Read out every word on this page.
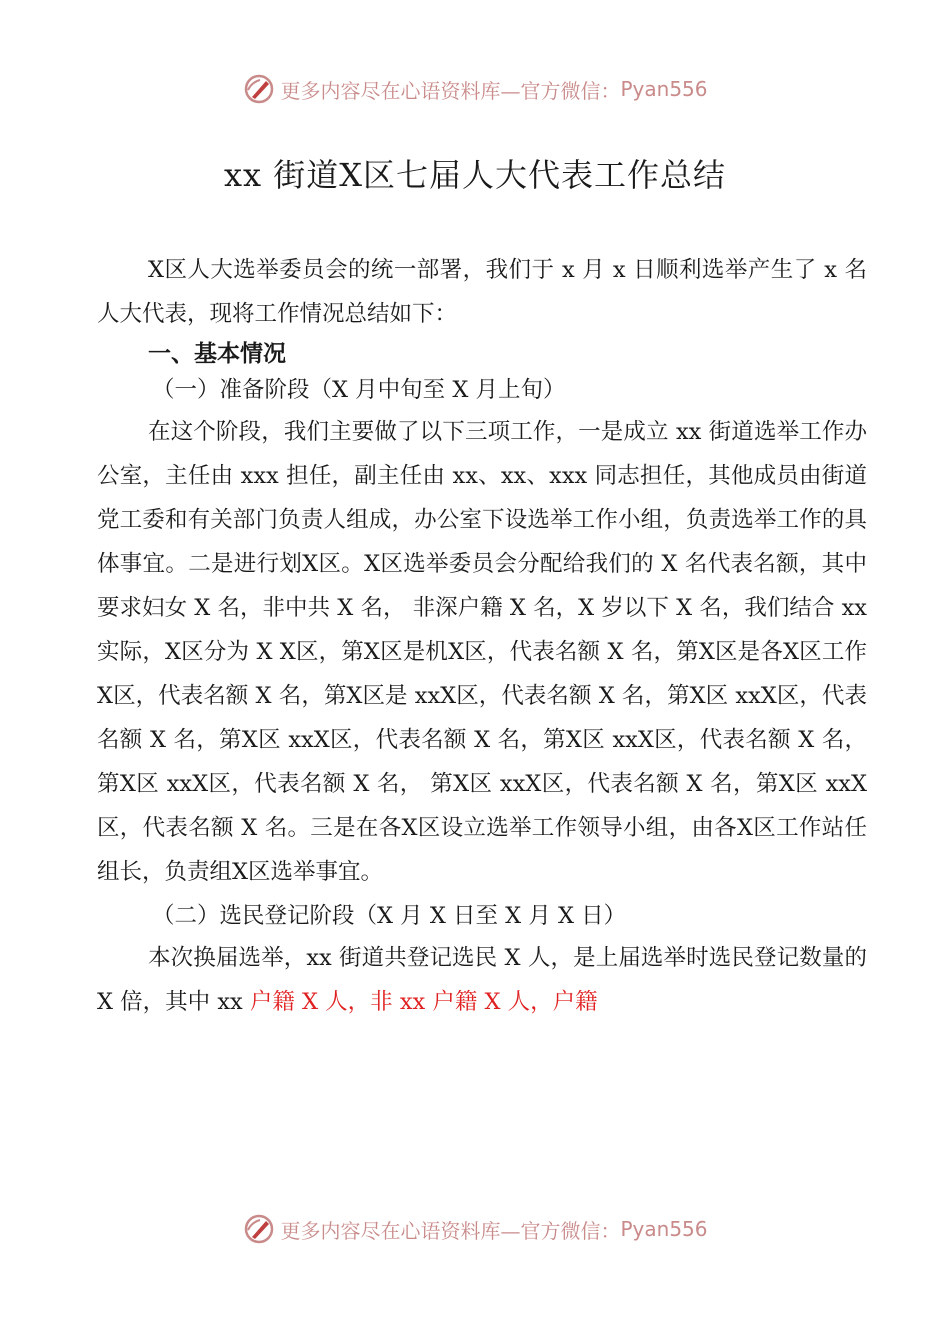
更多内容尽在心语资料库—官方微信： Pyan556
xx 街道X区七届人大代表工作总结

X区人大选举委员会的统一部署，我们于 x 月 x 日顺利选举产生了 x 名人大代表，现将工作情况总结如下：

一、基本情况
（一）准备阶段（X 月中旬至 X 月上旬）

在这个阶段，我们主要做了以下三项工作，一是成立 xx 街道选举工作办公室，主任由 xxx 担任，副主任由 xx、xx、xxx 同志担任，其他成员由街道党工委和有关部门负责人组成，办公室下设选举工作小组，负责选举工作的具体事宜。二是进行划X区。X区选举委员会分配给我们的 X 名代表名额，其中要求妇女 X 名，非中共 X 名， 非深户籍 X 名，X 岁以下 X 名，我们结合 xx 实际，X区分为 X X区，第X区是机X区，代表名额 X 名，第X区是各X区工作X区，代表名额 X 名，第X区是 xxX区，代表名额 X 名，第X区 xxX区，代表名额 X 名，第X区 xxX区，代表名额 X 名，第X区 xxX区，代表名额 X 名，第X区 xxX区，代表名额 X 名， 第X区 xxX区，代表名额 X 名，第X区 xxX区，代表名额 X 名。三是在各X区设立选举工作领导小组，由各X区工作站任组长，负责组X区选举事宜。

（二）选民登记阶段（X 月 X 日至 X 月 X 日）

本次换届选举，xx 街道共登记选民 X 人，是上届选举时选民登记数量的 X 倍，其中 xx 户籍 X 人，非 xx 户籍 X 人，户籍

更多内容尽在心语资料库—官方微信： Pyan556
